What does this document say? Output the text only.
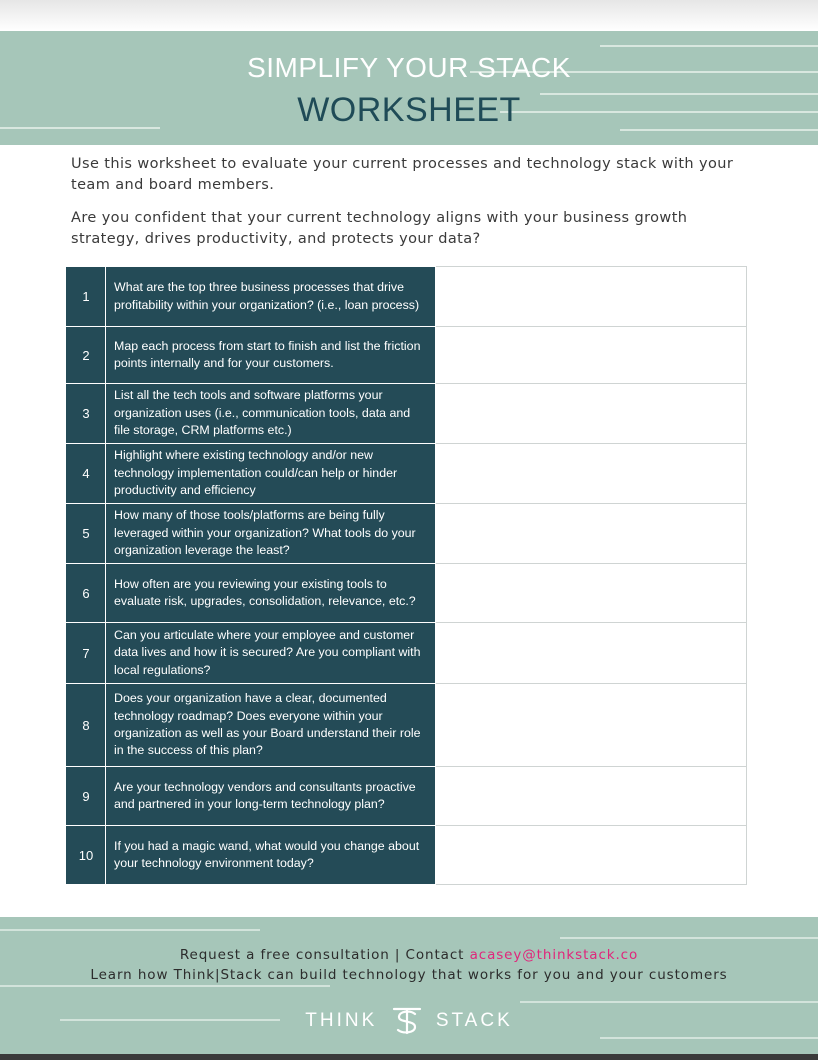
SIMPLIFY YOUR STACK
WORKSHEET

Use this worksheet to evaluate your current processes and technology stack with your team and board members.

Are you confident that your current technology aligns with your business growth strategy, drives productivity, and protects your data?

1	What are the top three business processes that drive profitability within your organization? (i.e., loan process)	
2	Map each process from start to finish and list the friction points internally and for your customers.	
3	List all the tech tools and software platforms your organization uses (i.e., communication tools, data and file storage, CRM platforms etc.)	
4	Highlight where existing technology and/or new technology implementation could/can help or hinder productivity and efficiency	
5	How many of those tools/platforms are being fully leveraged within your organization? What tools do your organization leverage the least?	
6	How often are you reviewing your existing tools to evaluate risk, upgrades, consolidation, relevance, etc.?	
7	Can you articulate where your employee and customer data lives and how it is secured? Are you compliant with local regulations?	
8	Does your organization have a clear, documented technology roadmap? Does everyone within your organization as well as your Board understand their role in the success of this plan?	
9	Are your technology vendors and consultants proactive and partnered in your long-term technology plan?	
10	If you had a magic wand, what would you change about your technology environment today?	
Request a free consultation | Contact acasey@thinkstack.co
Learn how Think|Stack can build technology that works for you and your customers
THINK	STACK
